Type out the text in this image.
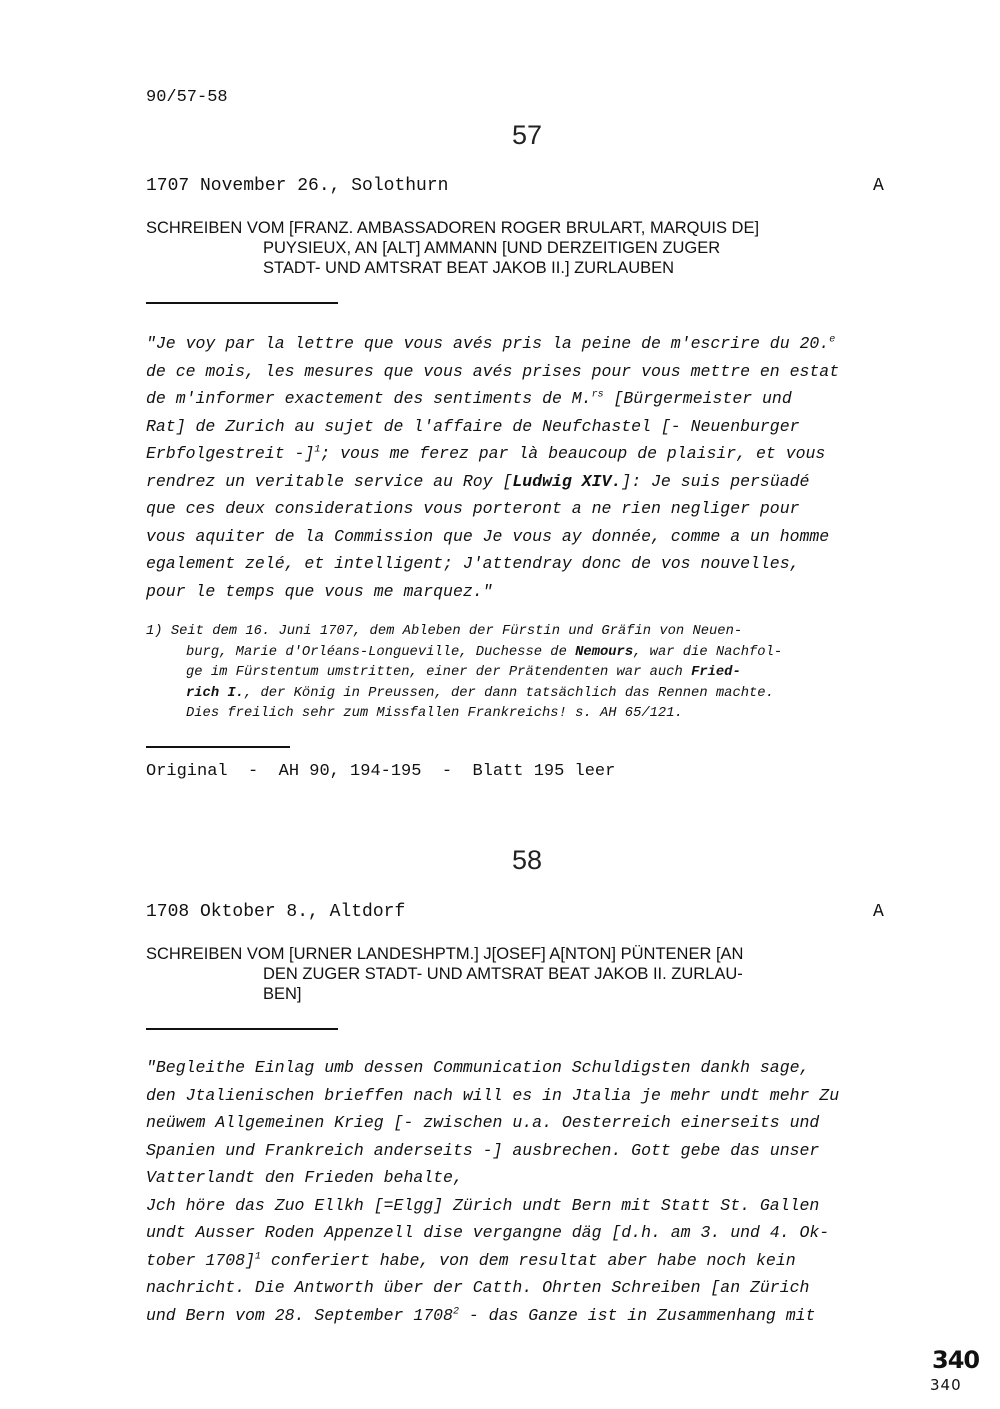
90/57-58
57
1707 November 26., Solothurn	A
SCHREIBEN VOM [FRANZ. AMBASSADOREN ROGER BRULART, MARQUIS DE]
PUYSIEUX, AN [ALT] AMMANN [UND DERZEITIGEN ZUGER
STADT- UND AMTSRAT BEAT JAKOB II.] ZURLAUBEN
"Je voy par la lettre que vous avés pris la peine de m'escrire du 20.$^e$
de ce mois, les mesures que vous avés prises pour vous mettre en estat
de m'informer exactement des sentiments de M.$^{rs}$ [Bürgermeister und
Rat] de Zurich au sujet de l'affaire de Neufchastel [- Neuenburger
Erbfolgestreit -]$^1$; vous me ferez par là beaucoup de plaisir, et vous
rendrez un veritable service au Roy [Ludwig XIV.]: Je suis persüadé
que ces deux considerations vous porteront a ne rien negliger pour
vous aquiter de la Commission que Je vous ay donnée, comme a un homme
egalement zelé, et intelligent; J'attendray donc de vos nouvelles,
pour le temps que vous me marquez."
1) Seit dem 16. Juni 1707, dem Ableben der Fürstin und Gräfin von Neuen-
burg, Marie d'Orléans-Longueville, Duchesse de Nemours, war die Nachfol-
ge im Fürstentum umstritten, einer der Prätendenten war auch Fried-
rich I., der König in Preussen, der dann tatsächlich das Rennen machte.
Dies freilich sehr zum Missfallen Frankreichs! s. AH 65/121.
Original - AH 90, 194-195 - Blatt 195 leer
58
1708 Oktober 8., Altdorf	A
SCHREIBEN VOM [URNER LANDESHPTM.] J[OSEF] A[NTON] PÜNTENER [AN
DEN ZUGER STADT- UND AMTSRAT BEAT JAKOB II. ZURLAU-
BEN]
"Begleithe Einlag umb dessen Communication Schuldigsten dankh sage,
den Jtalienischen brieffen nach will es in Jtalia je mehr undt mehr Zu
neüwem Allgemeinen Krieg [- zwischen u.a. Oesterreich einerseits und
Spanien und Frankreich anderseits -] ausbrechen. Gott gebe das unser
Vatterlandt den Frieden behalte,
Jch höre das Zuo Ellkh [=Elgg] Zürich undt Bern mit Statt St. Gallen
undt Ausser Roden Appenzell dise vergangne däg [d.h. am 3. und 4. Ok-
tober 1708]$^1$ conferiert habe, von dem resultat aber habe noch kein
nachricht. Die Antworth über der Catth. Ohrten Schreiben [an Zürich
und Bern vom 28. September 1708$^2$ - das Ganze ist in Zusammenhang mit
340
340
